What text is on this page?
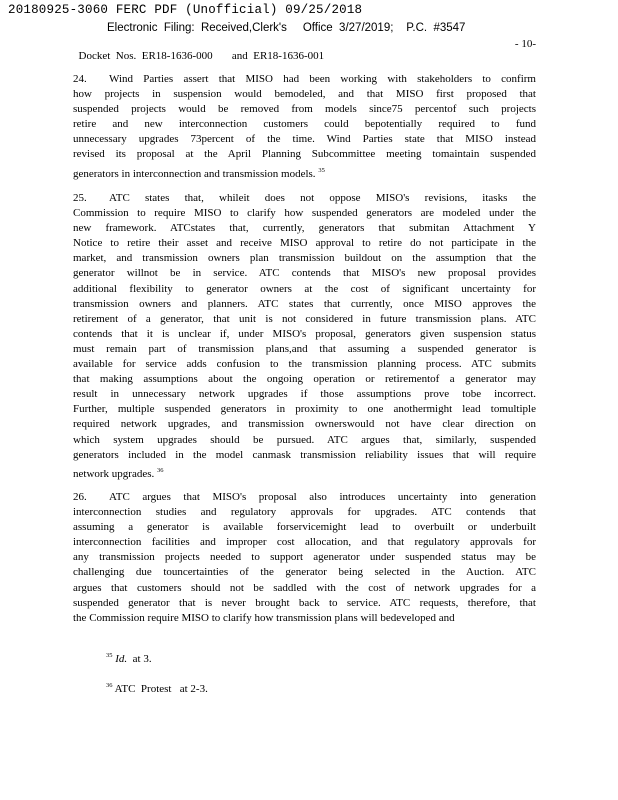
20180925-3060 FERC PDF (Unofficial) 09/25/2018
Electronic  Filing:  Received,Clerk's     Office  3/27/2019;    P.C.  #3547

Docket  Nos.  ER18-1636-000       and  ER18-1636-001

- 10-

24. Wind Parties assert that MISO had been working with stakeholders to confirm
how projects in suspension would bemodeled, and that MISO first proposed that
suspended projects would be removed from models since75 percentof such projects
retire and new interconnection customers could bepotentially required to fund
unnecessary upgrades 73percent of the time. Wind Parties state that MISO instead
revised its proposal at the April Planning Subcommittee meeting tomaintain suspended
generators in interconnection and transmission models. $^{35}$
25. ATC states that, whileit does not oppose MISO's revisions, itasks the
Commission to require MISO to clarify how suspended generators are modeled under the
new framework. ATCstates that, currently, generators that submitan Attachment Y
Notice to retire their asset and receive MISO approval to retire do not participate in the
market, and transmission owners plan transmission buildout on the assumption that the
generator willnot be in service. ATC contends that MISO's new proposal provides
additional flexibility to generator owners at the cost of significant uncertainty for
transmission owners and planners. ATC states that currently, once MISO approves the
retirement of a generator, that unit is not considered in future transmission plans. ATC
contends that it is unclear if, under MISO's proposal, generators given suspension status
must remain part of transmission plans,and that assuming a suspended generator is
available for service adds confusion to the transmission planning process. ATC submits
that making assumptions about the ongoing operation or retirementof a generator may
result in unnecessary network upgrades if those assumptions prove tobe incorrect.
Further, multiple suspended generators in proximity to one anothermight lead tomultiple
required network upgrades, and transmission ownerswould not have clear direction on
which system upgrades should be pursued. ATC argues that, similarly, suspended
generators included in the model canmask transmission reliability issues that will require
network upgrades. $^{36}$
26. ATC argues that MISO's proposal also introduces uncertainty into generation
interconnection studies and regulatory approvals for upgrades. ATC contends that
assuming a generator is available forservicemight lead to overbuilt or underbuilt
interconnection facilities and improper cost allocation, and that regulatory approvals for
any transmission projects needed to support agenerator under suspended status may be
challenging due touncertainties of the generator being selected in the Auction. ATC
argues that customers should not be saddled with the cost of network upgrades for a
suspended generator that is never brought back to service. ATC requests, therefore, that
the Commission require MISO to clarify how transmission plans will bedeveloped and
$^{35}$ Id.  at 3.
$^{36}$ ATC  Protest   at 2-3.
